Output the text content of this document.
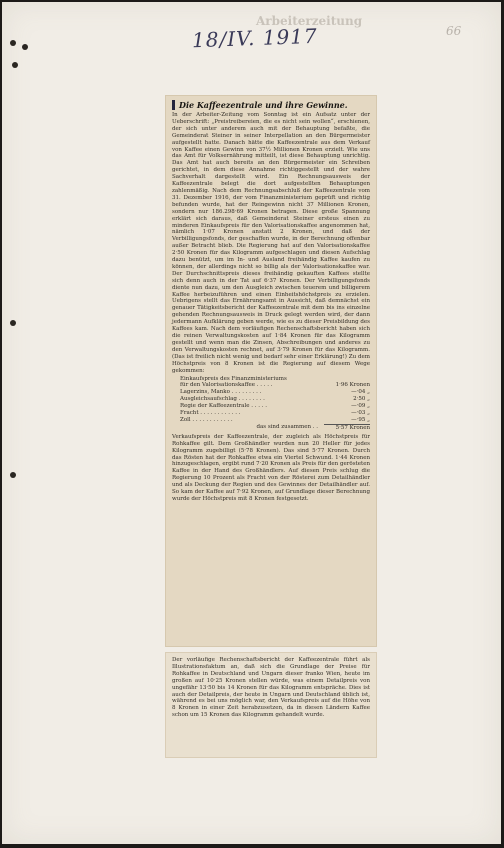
Arbeiterzeitung
18/IV. 1917	66
Die Kaffeezentrale und ihre Gewinne.
In der Arbeiter-Zeitung vom Sonntag ist ein Aufsatz unter der Ueberschrift: „Preistreibereien, die es nicht sein wollen“, erschienen, der sich unter anderem auch mit der Behauptung befaßte, die Gemeinderat Steiner in seiner Interpellation an den Bürgermeister aufgestellt hatte. Danach hätte die Kaffeezentrale aus dem Verkauf von Kaffee einen Gewinn von 37½ Millionen Kronen erzielt. Wie uns das Amt für Volksernährung mitteilt, ist diese Behauptung unrichtig. Das Amt hat auch bereits an den Bürgermeister ein Schreiben gerichtet, in dem diese Annahme richtiggestellt und der wahre Sachverhalt dargestellt wird. Ein Rechnungsausweis der Kaffeezentrale belegt die dort aufgestellten Behauptungen zahlenmäßig. Nach dem Rechnungsabschluß der Kaffeezentrale vom 31. Dezember 1916, der vom Finanzministerium geprüft und richtig befunden wurde, hat der Reingewinn nicht 37 Millionen Kronen, sondern nur 186.298·69 Kronen betragen. Diese große Spannung erklärt sich daraus, daß Gemeinderat Steiner ersteus einen zu minderen Einkaufspreis für den Valorisationskaffee angenommen hat, nämlich 1·07 Kronen anstatt 2 Kronen, und daß der Verbilligungsfonds, der geschaffen wurde, in der Berechnung offenbar außer Betracht blieb. Die Regierung hat auf den Valorisationskaffee 2·50 Kronen für das Kilogramm aufgeschlagen und diesen Aufschlag dazu benützt, um im In- und Ausland freihändig Kaffee kaufen zu können, der allerdings nicht so billig als der Valorisationskaffee war. Der Durchschnittspreis dieses freihändig gekauften Kaffees stellte sich denn auch in der Tat auf 6·37 Kronen. Der Verbilligungsfonds diente nun dazu, um den Ausgleich zwischen teuerem und billigerem Kaffee herbeizuführen und einen Einheitshöchstpreis zu erzielen. Uebrigens stellt das Ernährungsamt in Aussicht, daß demnächst ein genauer Tätigkeitsbericht der Kaffeezentrale mit dem bis ins einzelne gehenden Rechnungsausweis in Druck gelegt werden wird, der dann jedermann Aufklärung geben werde, wie es zu dieser Preisbildung des Kaffees kam. Nach dem vorläufigen Rechenschaftsbericht haben sich die reinen Verwaltungskosten auf 1·84 Kronen für das Kilogramm gestellt und wenn man die Zinsen, Abschreibungen und anderes zu den Verwaltungskosten rechnet, auf 3·79 Kronen für das Kilogramm. (Das ist freilich nicht wenig und bedarf sehr einer Erklärung!) Zu dem Höchstpreis von 8 Kronen ist die Regierung auf diesem Wege gekommen:
Einkaufspreis des Finanzministeriums
für den Valorisationskaffee . . . . .	1·96 Kronen
Lagerzins, Manko . . . . . . . . .	—·04 „
Ausgleichsaufschlag . . . . . . . .	2·50 „
Regie der Kaffeezentrale . . . . .	—·09 „
Fracht . . . . . . . . . . . .	—·03 „
Zoll . . . . . . . . . . . .	—·95 „
das sind zusammen . .	5·57 Kronen
Verkaufspreis der Kaffeezentrale, der zugleich als Höchstpreis für Rohkaffee gilt. Dem Großhändler wurden nun 20 Heller für jedes Kilogramm zugebilligt (5·78 Kronen). Das sind 5·77 Kronen. Durch das Rösten hat der Rohkaffee etwa ein Viertel Schwund. 1·44 Kronen hinzugeschlagen, ergibt rund 7·20 Kronen als Preis für den gerösteten Kaffee in der Hand des Großhändlers. Auf diesen Preis schlug die Regierung 10 Prozent als Fracht von der Rösterei zum Detailhändler und als Deckung der Regien und des Gewinnes der Detailhändler auf. So kam der Kaffee auf 7·92 Kronen, auf Grundlage dieser Berechnung wurde der Höchstpreis mit 8 Kronen festgesetzt.
Der vorläufige Rechenschaftsbericht der Kaffeezentrale führt als Illustrationsfaktum an, daß sich die Grundlage der Preise für Rohkaffee in Deutschland und Ungarn dieser franko Wien, heute im großen auf 10·25 Kronen stellen würde, was einem Detailpreis von ungefähr 13·50 bis 14 Kronen für das Kilogramm entspräche. Dies ist auch der Detailpreis, der heute in Ungarn und Deutschland üblich ist, während es bei uns möglich war, den Verkaufspreis auf die Höhe von 8 Kronen in einer Zeit herabzusetzen, da in diesen Ländern Kaffee schon um 15 Kronen das Kilogramm gehandelt wurde.
